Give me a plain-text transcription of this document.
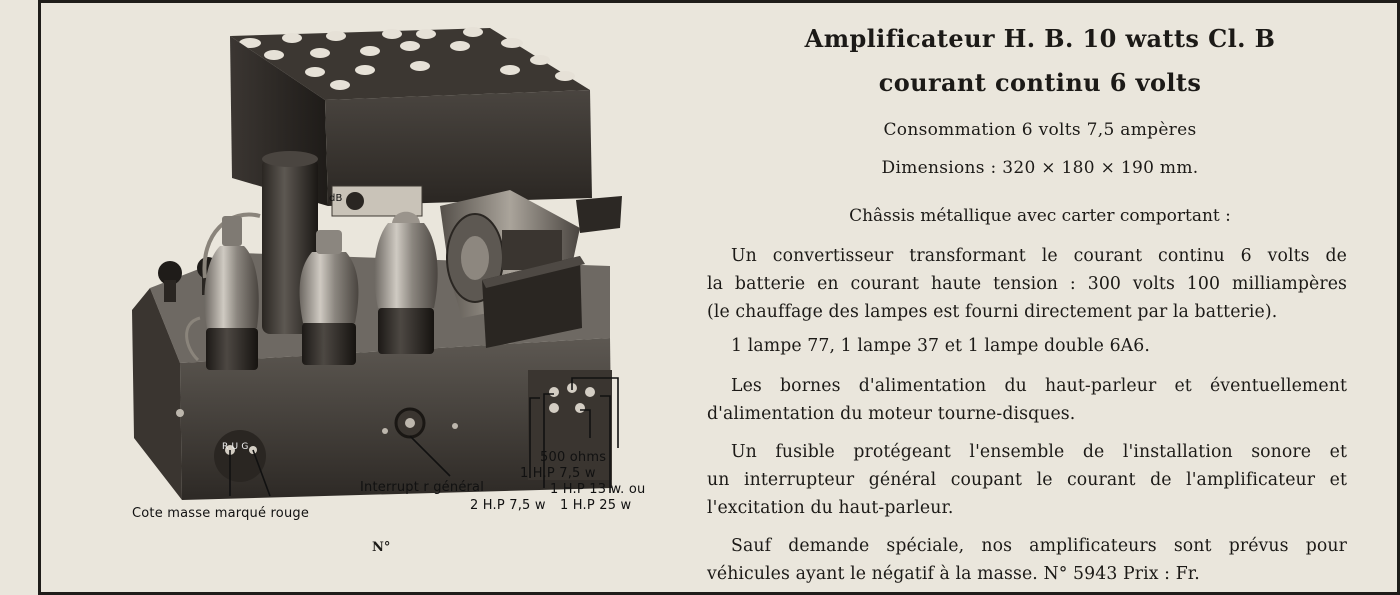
Cote masse marqué rouge
Interrupt r général
500 ohms
1 H.P 7,5 w
1 H.P 13 w. ou
2 H.P 7,5 w 1 H.P 25 w
dB
R U G
N°
Amplificateur H. B. 10 watts Cl. B
courant continu 6 volts
Consommation 6 volts 7,5 ampères
Dimensions : 320 × 180 × 190 mm.
Châssis métallique avec carter comportant :
Un convertisseur transformant le courant continu 6 volts de
la batterie en courant haute tension : 300 volts 100 milliampères
(le chauffage des lampes est fourni directement par la batterie).
1 lampe 77, 1 lampe 37 et 1 lampe double 6A6.
Les bornes d'alimentation du haut-parleur et éventuellement
d'alimentation du moteur tourne-disques.
Un fusible protégeant l'ensemble de l'installation sonore et
un interrupteur général coupant le courant de l'amplificateur et
l'excitation du haut-parleur.
Sauf demande spéciale, nos amplificateurs sont prévus pour
véhicules ayant le négatif à la masse. N° 5943 Prix : Fr.
